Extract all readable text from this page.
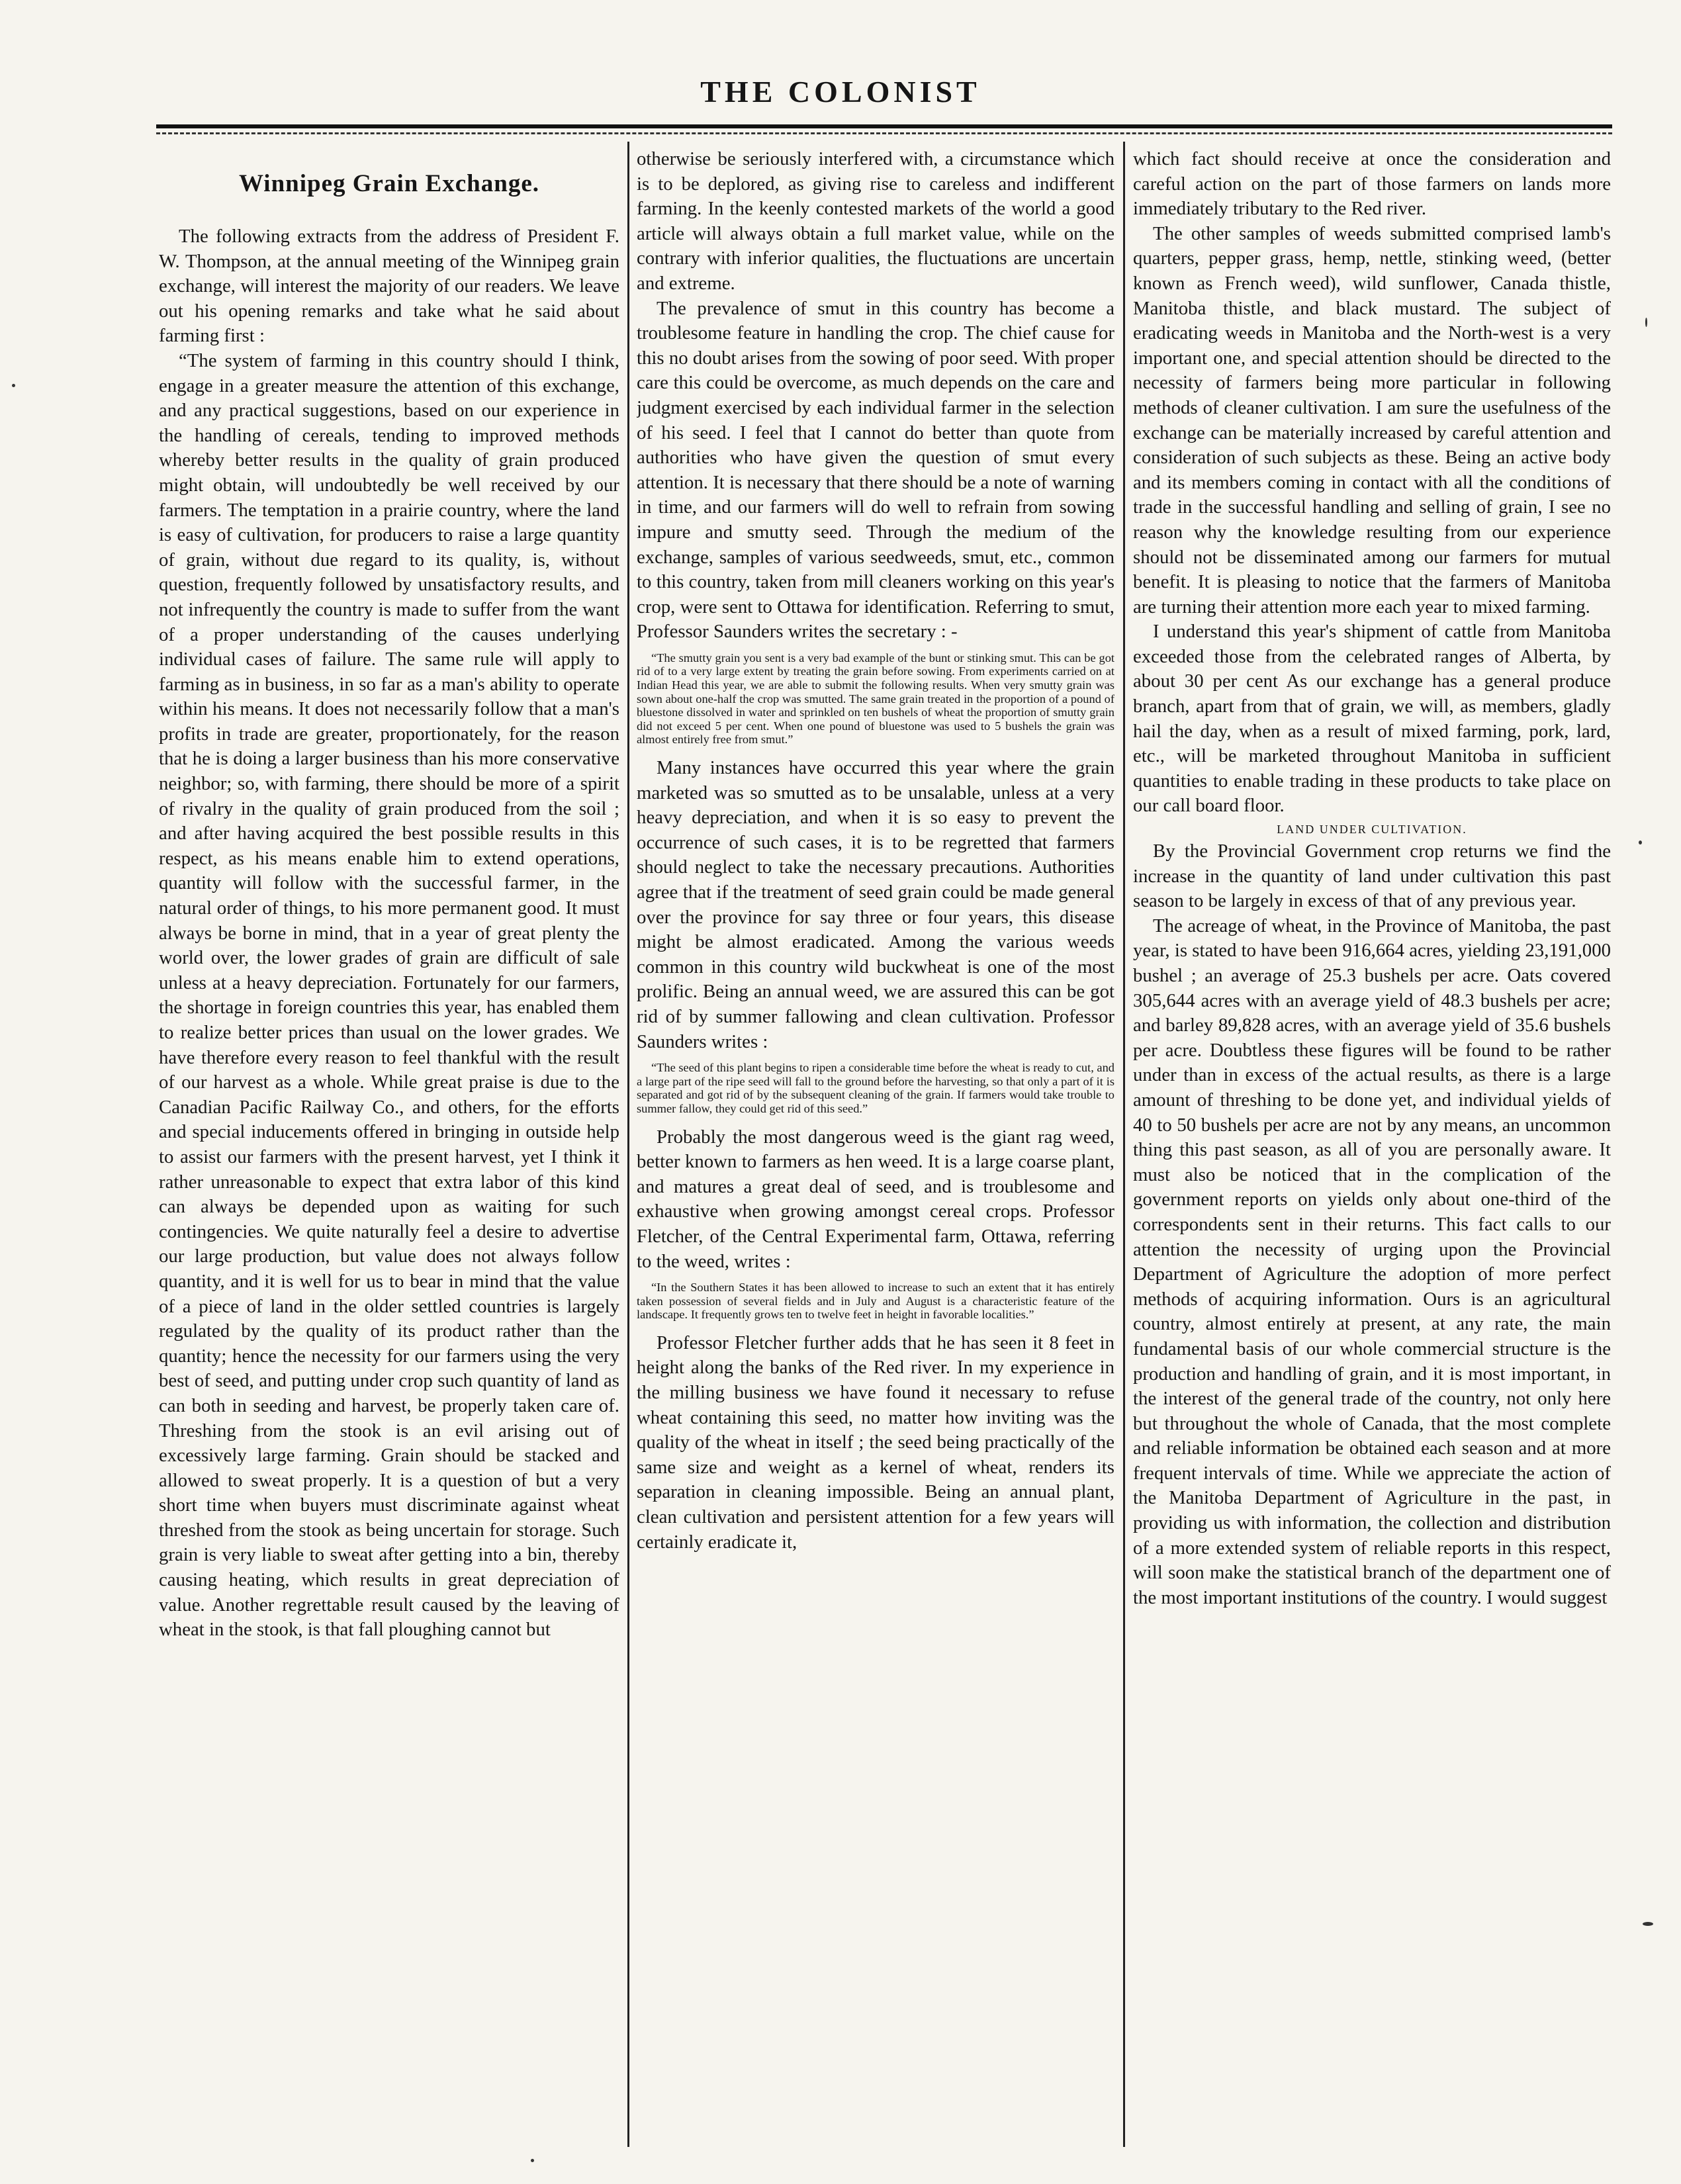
THE COLONIST
Winnipeg Grain Exchange.

The following extracts from the address of President F. W. Thompson, at the annual meeting of the Winnipeg grain exchange, will interest the majority of our readers. We leave out his opening remarks and take what he said about farming first :

“The system of farming in this country should I think, engage in a greater measure the attention of this exchange, and any practical suggestions, based on our experience in the handling of cereals, tending to improved methods whereby better results in the quality of grain produced might obtain, will undoubtedly be well received by our farmers. The temptation in a prairie country, where the land is easy of cultivation, for producers to raise a large quantity of grain, without due regard to its quality, is, without question, frequently followed by unsatisfactory results, and not infrequently the country is made to suffer from the want of a proper understanding of the causes underlying individual cases of failure. The same rule will apply to farming as in business, in so far as a man's ability to operate within his means. It does not necessarily follow that a man's profits in trade are greater, proportionately, for the reason that he is doing a larger business than his more conservative neighbor; so, with farming, there should be more of a spirit of rivalry in the quality of grain produced from the soil ; and after having acquired the best possible results in this respect, as his means enable him to extend operations, quantity will follow with the successful farmer, in the natural order of things, to his more permanent good. It must always be borne in mind, that in a year of great plenty the world over, the lower grades of grain are difficult of sale unless at a heavy depreciation. Fortunately for our farmers, the shortage in foreign countries this year, has enabled them to realize better prices than usual on the lower grades. We have therefore every reason to feel thankful with the result of our harvest as a whole. While great praise is due to the Canadian Pacific Railway Co., and others, for the efforts and special inducements offered in bringing in outside help to assist our farmers with the present harvest, yet I think it rather unreasonable to expect that extra labor of this kind can always be depended upon as waiting for such contingencies. We quite naturally feel a desire to advertise our large production, but value does not always follow quantity, and it is well for us to bear in mind that the value of a piece of land in the older settled countries is largely regulated by the quality of its product rather than the quantity; hence the necessity for our farmers using the very best of seed, and putting under crop such quantity of land as can both in seeding and harvest, be properly taken care of. Threshing from the stook is an evil arising out of excessively large farming. Grain should be stacked and allowed to sweat properly. It is a question of but a very short time when buyers must discriminate against wheat threshed from the stook as being uncertain for storage. Such grain is very liable to sweat after getting into a bin, thereby causing heating, which results in great depreciation of value. Another regrettable result caused by the leaving of wheat in the stook, is that fall ploughing cannot but

otherwise be seriously interfered with, a circumstance which is to be deplored, as giving rise to careless and indifferent farming. In the keenly contested markets of the world a good article will always obtain a full market value, while on the contrary with inferior qualities, the fluctuations are uncertain and extreme.

The prevalence of smut in this country has become a troublesome feature in handling the crop. The chief cause for this no doubt arises from the sowing of poor seed. With proper care this could be overcome, as much depends on the care and judgment exercised by each individual farmer in the selection of his seed. I feel that I cannot do better than quote from authorities who have given the question of smut every attention. It is necessary that there should be a note of warning in time, and our farmers will do well to refrain from sowing impure and smutty seed. Through the medium of the exchange, samples of various seedweeds, smut, etc., common to this country, taken from mill cleaners working on this year's crop, were sent to Ottawa for identification. Referring to smut, Professor Saunders writes the secretary : -

“The smutty grain you sent is a very bad example of the bunt or stinking smut. This can be got rid of to a very large extent by treating the grain before sowing. From experiments carried on at Indian Head this year, we are able to submit the following results. When very smutty grain was sown about one-half the crop was smutted. The same grain treated in the proportion of a pound of bluestone dissolved in water and sprinkled on ten bushels of wheat the proportion of smutty grain did not exceed 5 per cent. When one pound of bluestone was used to 5 bushels the grain was almost entirely free from smut.”

Many instances have occurred this year where the grain marketed was so smutted as to be unsalable, unless at a very heavy depreciation, and when it is so easy to prevent the occurrence of such cases, it is to be regretted that farmers should neglect to take the necessary precautions. Authorities agree that if the treatment of seed grain could be made general over the province for say three or four years, this disease might be almost eradicated. Among the various weeds common in this country wild buckwheat is one of the most prolific. Being an annual weed, we are assured this can be got rid of by summer fallowing and clean cultivation. Professor Saunders writes :

“The seed of this plant begins to ripen a considerable time before the wheat is ready to cut, and a large part of the ripe seed will fall to the ground before the harvesting, so that only a part of it is separated and got rid of by the subsequent cleaning of the grain. If farmers would take trouble to summer fallow, they could get rid of this seed.”

Probably the most dangerous weed is the giant rag weed, better known to farmers as hen weed. It is a large coarse plant, and matures a great deal of seed, and is troublesome and exhaustive when growing amongst cereal crops. Professor Fletcher, of the Central Experimental farm, Ottawa, referring to the weed, writes :

“In the Southern States it has been allowed to increase to such an extent that it has entirely taken possession of several fields and in July and August is a characteristic feature of the landscape. It frequently grows ten to twelve feet in height in favorable localities.”

Professor Fletcher further adds that he has seen it 8 feet in height along the banks of the Red river. In my experience in the milling business we have found it necessary to refuse wheat containing this seed, no matter how inviting was the quality of the wheat in itself ; the seed being practically of the same size and weight as a kernel of wheat, renders its separation in cleaning impossible. Being an annual plant, clean cultivation and persistent attention for a few years will certainly eradicate it,

which fact should receive at once the consideration and careful action on the part of those farmers on lands more immediately tributary to the Red river.

The other samples of weeds submitted comprised lamb's quarters, pepper grass, hemp, nettle, stinking weed, (better known as French weed), wild sunflower, Canada thistle, Manitoba thistle, and black mustard. The subject of eradicating weeds in Manitoba and the North-west is a very important one, and special attention should be directed to the necessity of farmers being more particular in following methods of cleaner cultivation. I am sure the usefulness of the exchange can be materially increased by careful attention and consideration of such subjects as these. Being an active body and its members coming in contact with all the conditions of trade in the successful handling and selling of grain, I see no reason why the knowledge resulting from our experience should not be disseminated among our farmers for mutual benefit. It is pleasing to notice that the farmers of Manitoba are turning their attention more each year to mixed farming.

I understand this year's shipment of cattle from Manitoba exceeded those from the celebrated ranges of Alberta, by about 30 per cent As our exchange has a general produce branch, apart from that of grain, we will, as members, gladly hail the day, when as a result of mixed farming, pork, lard, etc., will be marketed throughout Manitoba in sufficient quantities to enable trading in these products to take place on our call board floor.

LAND UNDER CULTIVATION.

By the Provincial Government crop returns we find the increase in the quantity of land under cultivation this past season to be largely in excess of that of any previous year.

The acreage of wheat, in the Province of Manitoba, the past year, is stated to have been 916,664 acres, yielding 23,191,000 bushel ; an average of 25.3 bushels per acre. Oats covered 305,644 acres with an average yield of 48.3 bushels per acre; and barley 89,828 acres, with an average yield of 35.6 bushels per acre. Doubtless these figures will be found to be rather under than in excess of the actual results, as there is a large amount of threshing to be done yet, and individual yields of 40 to 50 bushels per acre are not by any means, an uncommon thing this past season, as all of you are personally aware. It must also be noticed that in the complication of the government reports on yields only about one-third of the correspondents sent in their returns. This fact calls to our attention the necessity of urging upon the Provincial Department of Agriculture the adoption of more perfect methods of acquiring information. Ours is an agricultural country, almost entirely at present, at any rate, the main fundamental basis of our whole commercial structure is the production and handling of grain, and it is most important, in the interest of the general trade of the country, not only here but throughout the whole of Canada, that the most complete and reliable information be obtained each season and at more frequent intervals of time. While we appreciate the action of the Manitoba Department of Agriculture in the past, in providing us with information, the collection and distribution of a more extended system of reliable reports in this respect, will soon make the statistical branch of the department one of the most important institutions of the country. I would suggest
